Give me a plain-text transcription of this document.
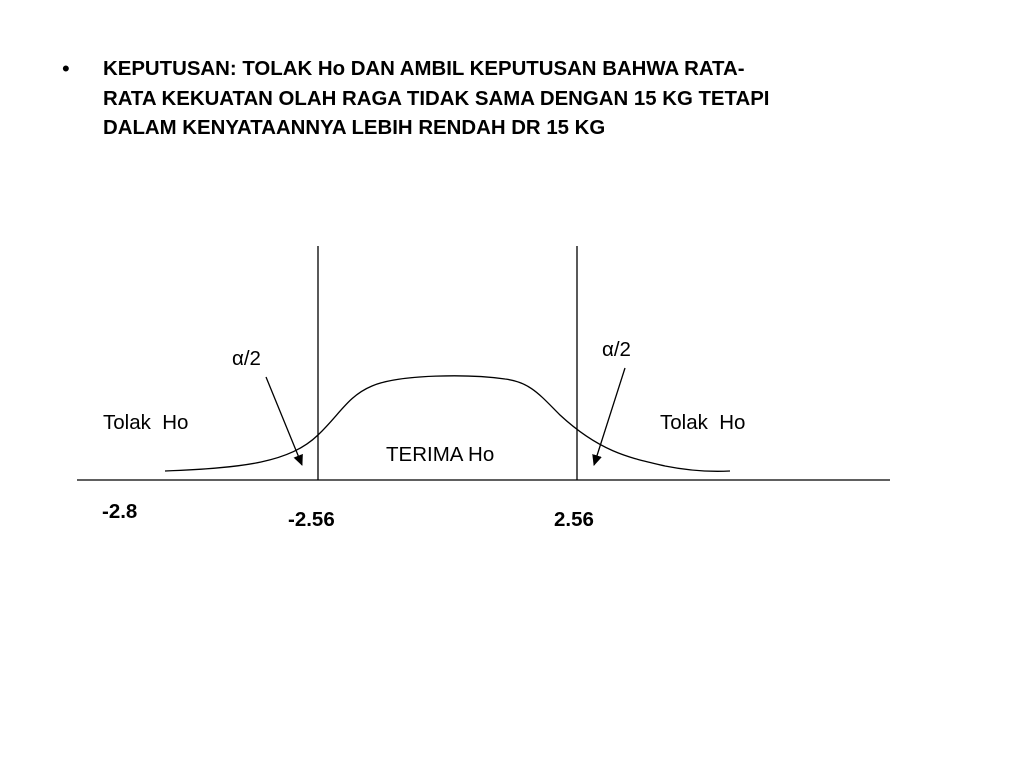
• KEPUTUSAN: TOLAK Ho DAN AMBIL KEPUTUSAN BAHWA RATA-
RATA KEKUATAN OLAH RAGA TIDAK SAMA DENGAN 15 KG TETAPI
DALAM KENYATAANNYA LEBIH RENDAH DR 15 KG
α/2	α/2
Tolak  Ho	Tolak  Ho
TERIMA Ho
-2.8	-2.56	2.56
